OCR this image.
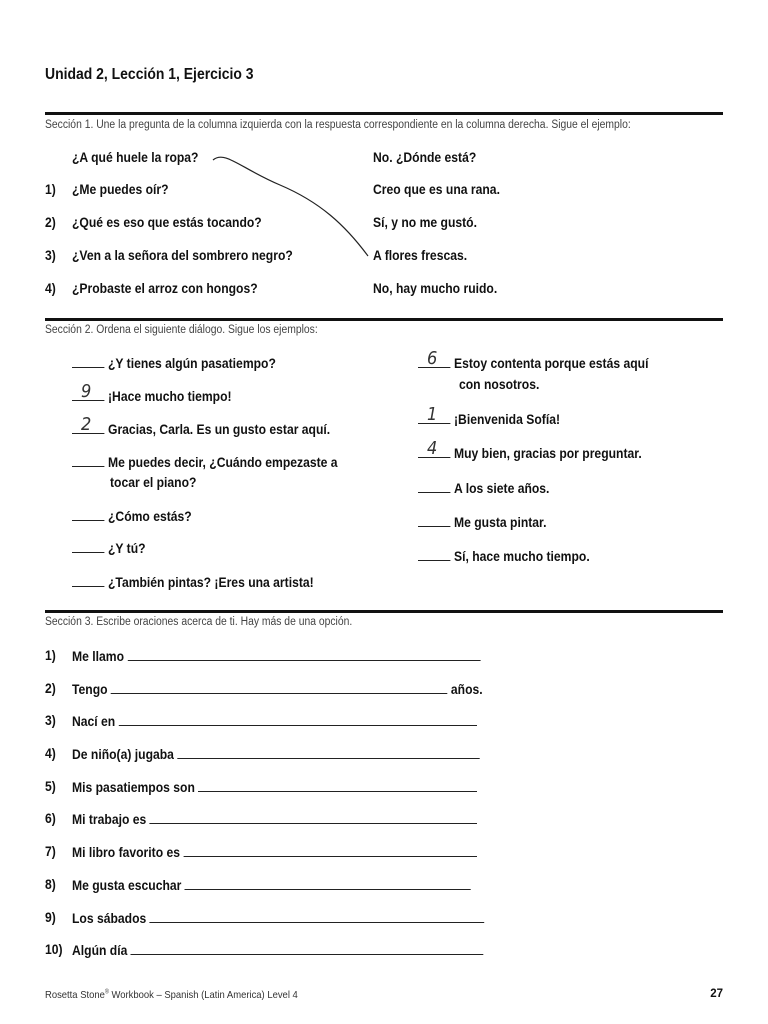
Unidad 2, Lección 1, Ejercicio 3
Sección 1. Une la pregunta de la columna izquierda con la respuesta correspondiente en la columna derecha. Sigue el ejemplo:
¿A qué huele la ropa?
1) ¿Me puedes oír?
2) ¿Qué es eso que estás tocando?
3) ¿Ven a la señora del sombrero negro?
4) ¿Probaste el arroz con hongos?
No. ¿Dónde está?
Creo que es una rana.
Sí, y no me gustó.
A flores frescas.
No, hay mucho ruido.
Sección 2. Ordena el siguiente diálogo. Sigue los ejemplos:
¿Y tienes algún pasatiempo?
9 ¡Hace mucho tiempo!
2 Gracias, Carla. Es un gusto estar aquí.
Me puedes decir, ¿Cuándo empezaste a
tocar el piano?
¿Cómo estás?
¿Y tú?
¿También pintas? ¡Eres una artista!
6 Estoy contenta porque estás aquí
con nosotros.
1 ¡Bienvenida Sofía!
4 Muy bien, gracias por preguntar.
A los siete años.
Me gusta pintar.
Sí, hace mucho tiempo.
Sección 3. Escribe oraciones acerca de ti. Hay más de una opción.
1) Me llamo
2) Tengo	años.
3) Nací en
4) De niño(a) jugaba
5) Mis pasatiempos son
6) Mi trabajo es
7) Mi libro favorito es
8) Me gusta escuchar
9) Los sábados
10) Algún día
Rosetta Stone® Workbook – Spanish (Latin America) Level 4	27
